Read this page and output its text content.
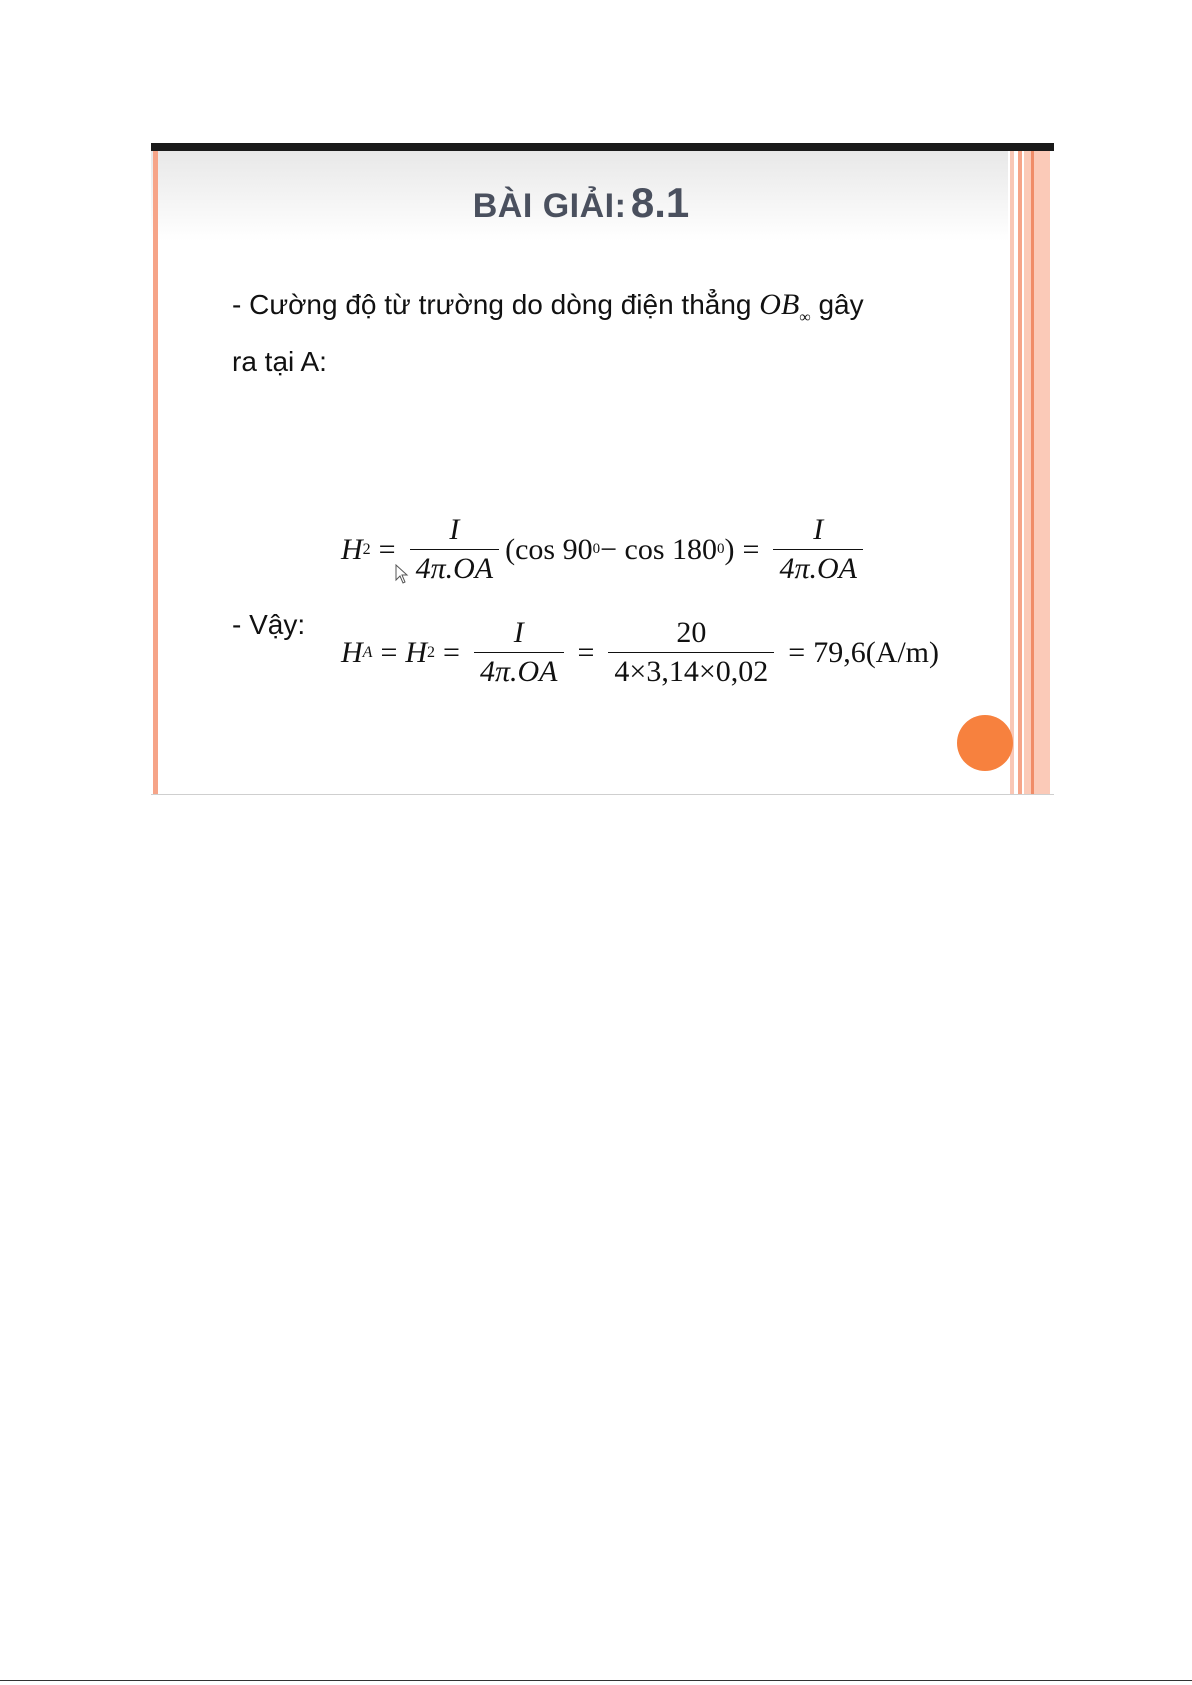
BÀI GIẢI: 8.1
- Cường độ từ trường do dòng điện thẳng $OB_\infty$ gây
ra tại A:
H $2 = \frac{I}{4\pi.OA} (\cos$ 90 0 − cos 180 0 ) = $\frac{I}{4\pi.OA}$
- Vậy:
H A = H $2 = \frac{I}{4\pi.OA} = \frac{20}{4\times 3,14\times 0,02} = 79,6(A/m)$
